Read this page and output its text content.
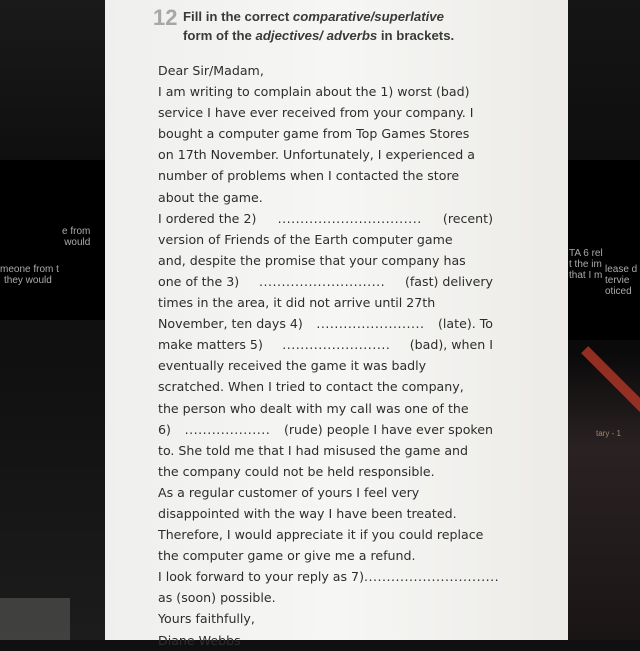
e from
would
meone from t
they would
TA 6 rel
t the im
that I m
lease d
tervie
oticed
tary - 1
12 Fill in the correct comparative/superlative
form of the adjectives/ adverbs in brackets.
Dear Sir/Madam,
I am writing to complain about the 1) worst (bad)
service I have ever received from your company. I
bought a computer game from Top Games Stores
on 17th November. Unfortunately, I experienced a
number of problems when I contacted the store
about the game.
I ordered the 2) ................................ (recent)
version of Friends of the Earth computer game
and, despite the promise that your company has
one of the 3) ............................ (fast) delivery
times in the area, it did not arrive until 27th
November, ten days 4) ........................ (late). To
make matters 5) ........................ (bad), when I
eventually received the game it was badly
scratched. When I tried to contact the company,
the person who dealt with my call was one of the
6) ................... (rude) people I have ever spoken
to. She told me that I had misused the game and
the company could not be held responsible.
As a regular customer of yours I feel very
disappointed with the way I have been treated.
Therefore, I would appreciate it if you could replace
the computer game or give me a refund.
I look forward to your reply as 7) ..............................
as (soon) possible.
Yours faithfully,
Diane Webbs
